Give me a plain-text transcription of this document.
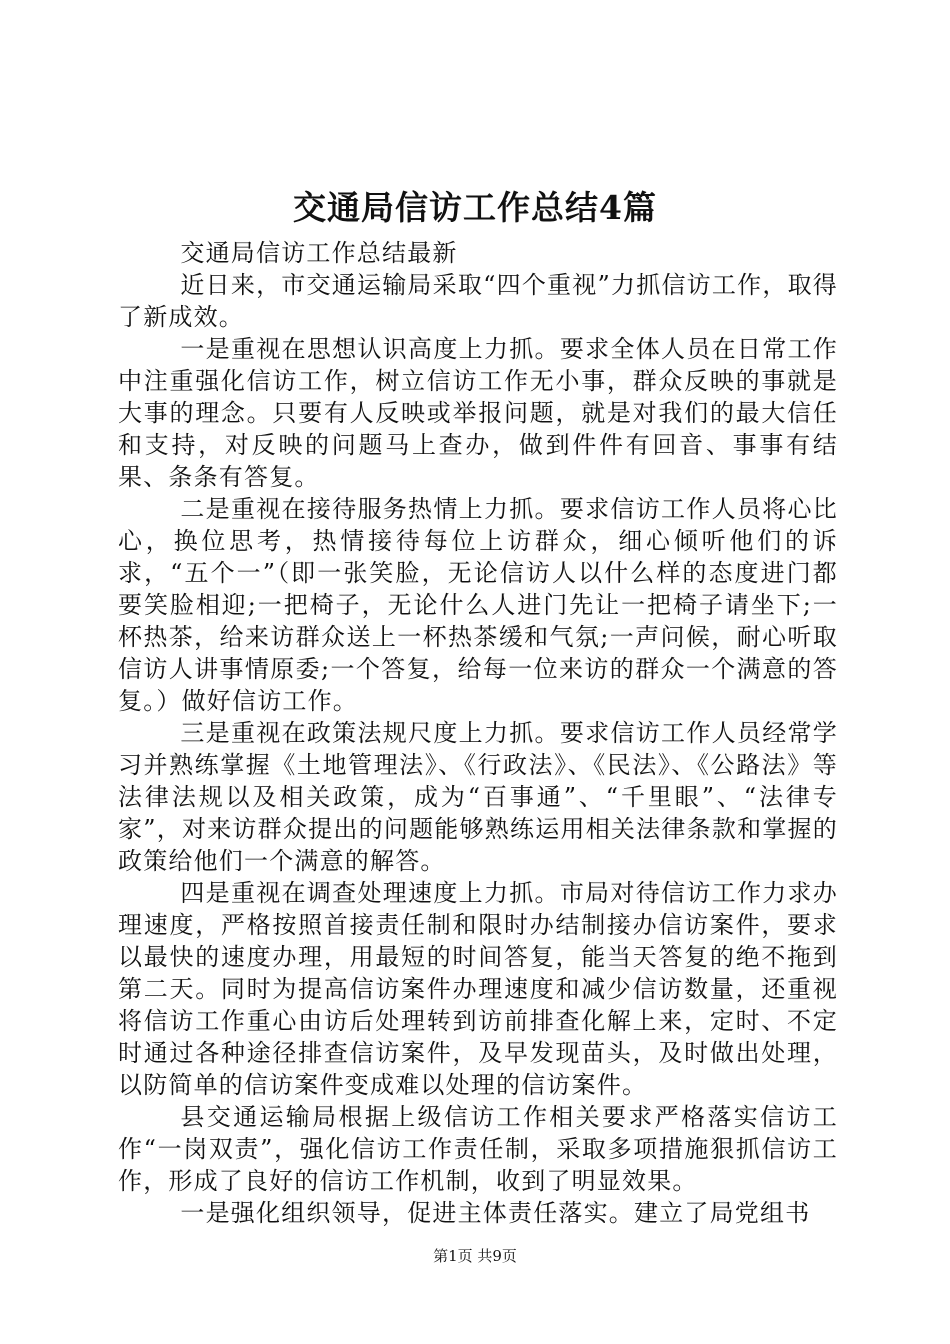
交通局信访工作总结4篇

交通局信访工作总结最新

近日来，市交通运输局采取“四个重视”力抓信访工作，取得了新成效。

一是重视在思想认识高度上力抓。要求全体人员在日常工作中注重强化信访工作，树立信访工作无小事，群众反映的事就是大事的理念。只要有人反映或举报问题，就是对我们的最大信任和支持，对反映的问题马上查办，做到件件有回音、事事有结果、条条有答复。

二是重视在接待服务热情上力抓。要求信访工作人员将心比心，换位思考，热情接待每位上访群众，细心倾听他们的诉求，“五个一”（即一张笑脸，无论信访人以什么样的态度进门都要笑脸相迎;一把椅子，无论什么人进门先让一把椅子请坐下;一杯热茶，给来访群众送上一杯热茶缓和气氛;一声问候，耐心听取信访人讲事情原委;一个答复，给每一位来访的群众一个满意的答复。）做好信访工作。

三是重视在政策法规尺度上力抓。要求信访工作人员经常学习并熟练掌握《土地管理法》、《行政法》、《民法》、《公路法》等法律法规以及相关政策，成为“百事通”、“千里眼”、“法律专家”，对来访群众提出的问题能够熟练运用相关法律条款和掌握的政策给他们一个满意的解答。

四是重视在调查处理速度上力抓。市局对待信访工作力求办理速度，严格按照首接责任制和限时办结制接办信访案件，要求以最快的速度办理，用最短的时间答复，能当天答复的绝不拖到第二天。同时为提高信访案件办理速度和减少信访数量，还重视将信访工作重心由访后处理转到访前排查化解上来，定时、不定时通过各种途径排查信访案件，及早发现苗头，及时做出处理，以防简单的信访案件变成难以处理的信访案件。

县交通运输局根据上级信访工作相关要求严格落实信访工作“一岗双责”，强化信访工作责任制，采取多项措施狠抓信访工作，形成了良好的信访工作机制，收到了明显效果。

一是强化组织领导，促进主体责任落实。建立了局党组书

第1页 共9页
